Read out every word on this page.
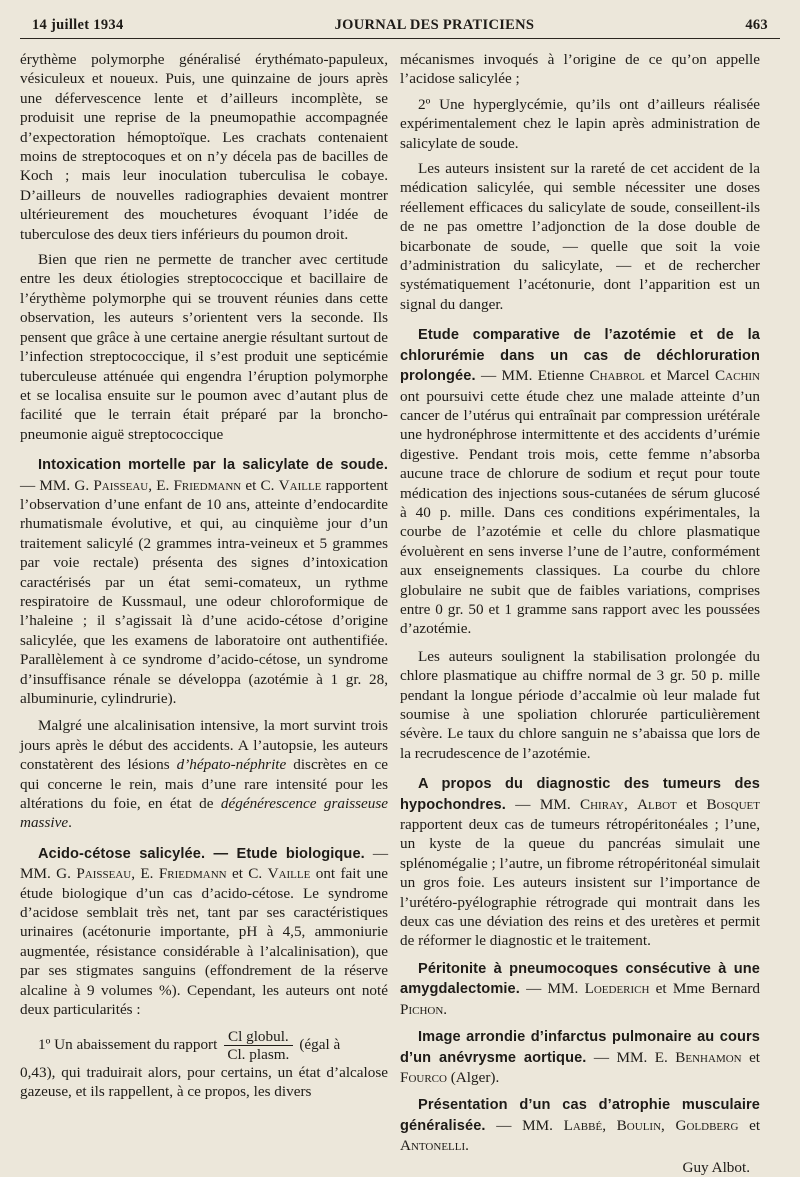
14 juillet 1934	JOURNAL DES PRATICIENS	463

érythème polymorphe généralisé érythémato-papuleux, vésiculeux et noueux. Puis, une quinzaine de jours après une défervescence lente et d’ailleurs incomplète, se produisit une reprise de la pneumopathie accompagnée d’expectoration hémoptoïque. Les crachats contenaient moins de streptocoques et on n’y décela pas de bacilles de Koch ; mais leur inoculation tuberculisa le cobaye. D’ailleurs de nouvelles radiographies devaient montrer ultérieurement des mouchetures évoquant l’idée de tuberculose des deux tiers inférieurs du poumon droit.

Bien que rien ne permette de trancher avec certitude entre les deux étiologies streptococcique et bacillaire de l’érythème polymorphe qui se trouvent réunies dans cette observation, les auteurs s’orientent vers la seconde. Ils pensent que grâce à une certaine anergie résultant surtout de l’infection streptococcique, il s’est produit une septicémie tuberculeuse atténuée qui engendra l’éruption polymorphe et se localisa ensuite sur le poumon avec d’autant plus de facilité que le terrain était préparé par la broncho-pneumonie aiguë streptococcique

Intoxication mortelle par la salicylate de soude. — MM. G. Paisseau, E. Friedmann et C. Vaille rapportent l’observation d’une enfant de 10 ans, atteinte d’endocardite rhumatismale évolutive, et qui, au cinquième jour d’un traitement salicylé (2 grammes intra-veineux et 5 grammes par voie rectale) présenta des signes d’intoxication caractérisés par un état semi-comateux, un rythme respiratoire de Kussmaul, une odeur chloroformique de l’haleine ; il s’agissait là d’une acido-cétose d’origine salicylée, que les examens de laboratoire ont authentifiée. Parallèlement à ce syndrome d’acido-cétose, un syndrome d’insuffisance rénale se développa (azotémie à 1 gr. 28, albuminurie, cylindrurie).

Malgré une alcalinisation intensive, la mort survint trois jours après le début des accidents. A l’autopsie, les auteurs constatèrent des lésions d’hépato-néphrite discrètes en ce qui concerne le rein, mais d’une rare intensité pour les altérations du foie, en état de dégénérescence graisseuse massive.

Acido-cétose salicylée. — Etude biologique. — MM. G. Paisseau, E. Friedmann et C. Vaille ont fait une étude biologique d’un cas d’acido-cétose. Le syndrome d’acidose semblait très net, tant par ses caractéristiques urinaires (acétonurie importante, pH à 4,5, ammoniurie augmentée, résistance considérable à l’alcalinisation), que par ses stigmates sanguins (effondrement de la réserve alcaline à 9 volumes %). Cependant, les auteurs ont noté deux particularités :
1º Un abaissement du rapport $\frac{\text{Cl globul.}}{\text{Cl. plasm.}}$ (égal à

0,43), qui traduirait alors, pour certains, un état d’alcalose gazeuse, et ils rappellent, à ce propos, les divers

mécanismes invoqués à l’origine de ce qu’on appelle l’acidose salicylée ;

2º Une hyperglycémie, qu’ils ont d’ailleurs réalisée expérimentalement chez le lapin après administration de salicylate de soude.

Les auteurs insistent sur la rareté de cet accident de la médication salicylée, qui semble nécessiter une doses réellement efficaces du salicylate de soude, conseillent-ils de ne pas omettre l’adjonction de la dose double de bicarbonate de soude, — quelle que soit la voie d’administration du salicylate, — et de rechercher systématiquement l’acétonurie, dont l’apparition est un signal du danger.

Etude comparative de l’azotémie et de la chlorurémie dans un cas de déchloruration prolongée. — MM. Etienne Chabrol et Marcel Cachin ont poursuivi cette étude chez une malade atteinte d’un cancer de l’utérus qui entraînait par compression urétérale une hydronéphrose intermittente et des accidents d’urémie digestive. Pendant trois mois, cette femme n’absorba aucune trace de chlorure de sodium et reçut pour toute médication des injections sous-cutanées de sérum glucosé à 40 p. mille. Dans ces conditions expérimentales, la courbe de l’azotémie et celle du chlore plasmatique évoluèrent en sens inverse l’une de l’autre, conformément aux enseignements classiques. La courbe du chlore globulaire ne subit que de faibles variations, comprises entre 0 gr. 50 et 1 gramme sans rapport avec les poussées d’azotémie.

Les auteurs soulignent la stabilisation prolongée du chlore plasmatique au chiffre normal de 3 gr. 50 p. mille pendant la longue période d’accalmie où leur malade fut soumise à une spoliation chlorurée particulièrement sévère. Le taux du chlore sanguin ne s’abaissa que lors de la recrudescence de l’azotémie.

A propos du diagnostic des tumeurs des hypochondres. — MM. Chiray, Albot et Bosquet rapportent deux cas de tumeurs rétropéritonéales ; l’une, un kyste de la queue du pancréas simulait une splénomégalie ; l’autre, un fibrome rétropéritonéal simulait un gros foie. Les auteurs insistent sur l’importance de l’urétéro-pyélographie rétrograde qui montrait dans les deux cas une déviation des reins et des uretères et permit de réformer le diagnostic et le traitement.
Péritonite à pneumocoques consécutive à une amygdalectomie. — MM. Loederich et Mme Bernard Pichon.
Image arrondie d’infarctus pulmonaire au cours d’un anévrysme aortique. — MM. E. Benhamon et Fourco (Alger).
Présentation d’un cas d’atrophie musculaire généralisée. — MM. Labbé, Boulin, Goldberg et Antonelli.
Guy Albot.
